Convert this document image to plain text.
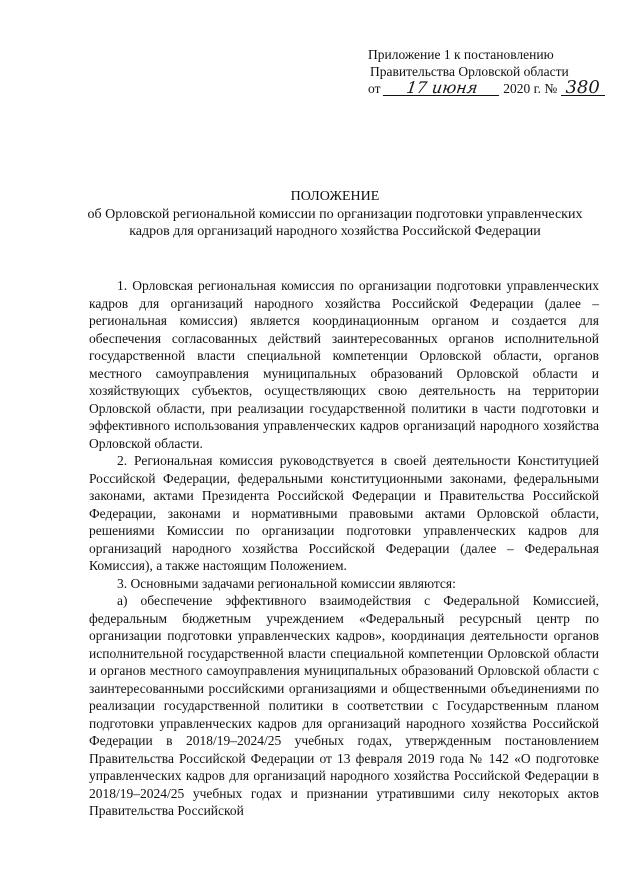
Приложение 1 к постановлению
Правительства Орловской области
от 17 июня 2020 г. № 380
ПОЛОЖЕНИЕ
об Орловской региональной комиссии по организации подготовки управленческих кадров для организаций народного хозяйства Российской Федерации

1. Орловская региональная комиссия по организации подготовки управленческих кадров для организаций народного хозяйства Российской Федерации (далее – региональная комиссия) является координационным органом и создается для обеспечения согласованных действий заинтересованных органов исполнительной государственной власти специальной компетенции Орловской области, органов местного самоуправления муниципальных образований Орловской области и хозяйствующих субъектов, осуществляющих свою деятельность на территории Орловской области, при реализации государственной политики в части подготовки и эффективного использования управленческих кадров организаций народного хозяйства Орловской области.

2. Региональная комиссия руководствуется в своей деятельности Конституцией Российской Федерации, федеральными конституционными законами, федеральными законами, актами Президента Российской Федерации и Правительства Российской Федерации, законами и нормативными правовыми актами Орловской области, решениями Комиссии по организации подготовки управленческих кадров для организаций народного хозяйства Российской Федерации (далее – Федеральная Комиссия), а также настоящим Положением.

3. Основными задачами региональной комиссии являются:

а) обеспечение эффективного взаимодействия с Федеральной Комиссией, федеральным бюджетным учреждением «Федеральный ресурсный центр по организации подготовки управленческих кадров», координация деятельности органов исполнительной государственной власти специальной компетенции Орловской области и органов местного самоуправления муниципальных образований Орловской области с заинтересованными российскими организациями и общественными объединениями по реализации государственной политики в соответствии с Государственным планом подготовки управленческих кадров для организаций народного хозяйства Российской Федерации в 2018/19–2024/25 учебных годах, утвержденным постановлением Правительства Российской Федерации от 13 февраля 2019 года № 142 «О подготовке управленческих кадров для организаций народного хозяйства Российской Федерации в 2018/19–2024/25 учебных годах и признании утратившими силу некоторых актов Правительства Российской
